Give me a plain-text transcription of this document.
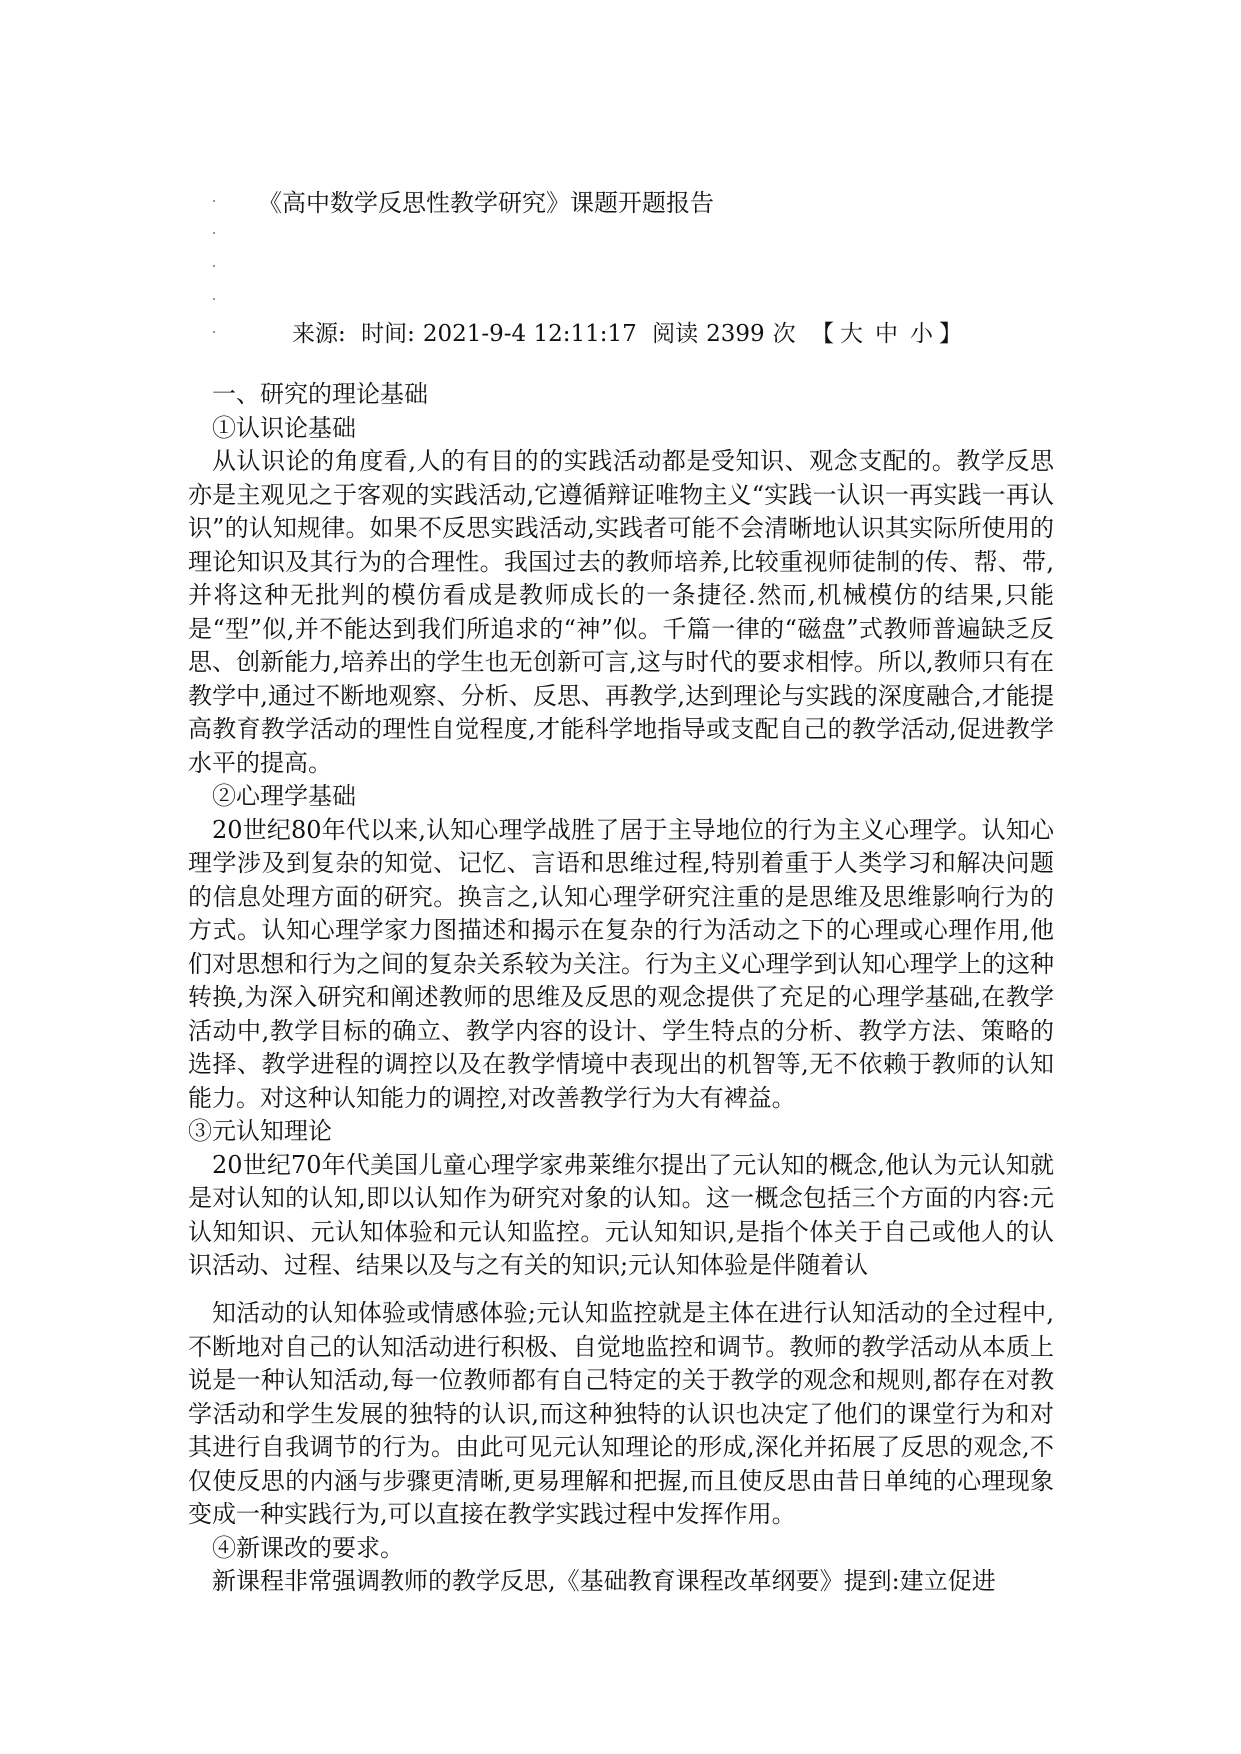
《高中数学反思性教学研究》课题开题报告
来源: 时间: 2021-9-4 12:11:17 阅读 2399 次 【 大 中 小 】

一、研究的理论基础

①认识论基础

从认识论的角度看,人的有目的的实践活动都是受知识、观念支配的。教学反思亦是主观见之于客观的实践活动,它遵循辩证唯物主义“实践一认识一再实践一再认识”的认知规律。如果不反思实践活动,实践者可能不会清晰地认识其实际所使用的理论知识及其行为的合理性。我国过去的教师培养,比较重视师徒制的传、帮、带,并将这种无批判的模仿看成是教师成长的一条捷径.然而,机械模仿的结果,只能是“型”似,并不能达到我们所追求的“神”似。千篇一律的“磁盘”式教师普遍缺乏反思、创新能力,培养出的学生也无创新可言,这与时代的要求相悖。所以,教师只有在教学中,通过不断地观察、分析、反思、再教学,达到理论与实践的深度融合,才能提高教育教学活动的理性自觉程度,才能科学地指导或支配自己的教学活动,促进教学水平的提高。

②心理学基础

20世纪80年代以来,认知心理学战胜了居于主导地位的行为主义心理学。认知心理学涉及到复杂的知觉、记忆、言语和思维过程,特别着重于人类学习和解决问题的信息处理方面的研究。换言之,认知心理学研究注重的是思维及思维影响行为的方式。认知心理学家力图描述和揭示在复杂的行为活动之下的心理或心理作用,他们对思想和行为之间的复杂关系较为关注。行为主义心理学到认知心理学上的这种转换,为深入研究和阐述教师的思维及反思的观念提供了充足的心理学基础,在教学活动中,教学目标的确立、教学内容的设计、学生特点的分析、教学方法、策略的选择、教学进程的调控以及在教学情境中表现出的机智等,无不依赖于教师的认知能力。对这种认知能力的调控,对改善教学行为大有裨益。

③元认知理论

20世纪70年代美国儿童心理学家弗莱维尔提出了元认知的概念,他认为元认知就是对认知的认知,即以认知作为研究对象的认知。这一概念包括三个方面的内容:元认知知识、元认知体验和元认知监控。元认知知识,是指个体关于自己或他人的认识活动、过程、结果以及与之有关的知识;元认知体验是伴随着认

知活动的认知体验或情感体验;元认知监控就是主体在进行认知活动的全过程中,不断地对自己的认知活动进行积极、自觉地监控和调节。教师的教学活动从本质上说是一种认知活动,每一位教师都有自己特定的关于教学的观念和规则,都存在对教学活动和学生发展的独特的认识,而这种独特的认识也决定了他们的课堂行为和对其进行自我调节的行为。由此可见元认知理论的形成,深化并拓展了反思的观念,不仅使反思的内涵与步骤更清晰,更易理解和把握,而且使反思由昔日单纯的心理现象变成一种实践行为,可以直接在教学实践过程中发挥作用。

④新课改的要求。

新课程非常强调教师的教学反思,《基础教育课程改革纲要》提到:建立促进
